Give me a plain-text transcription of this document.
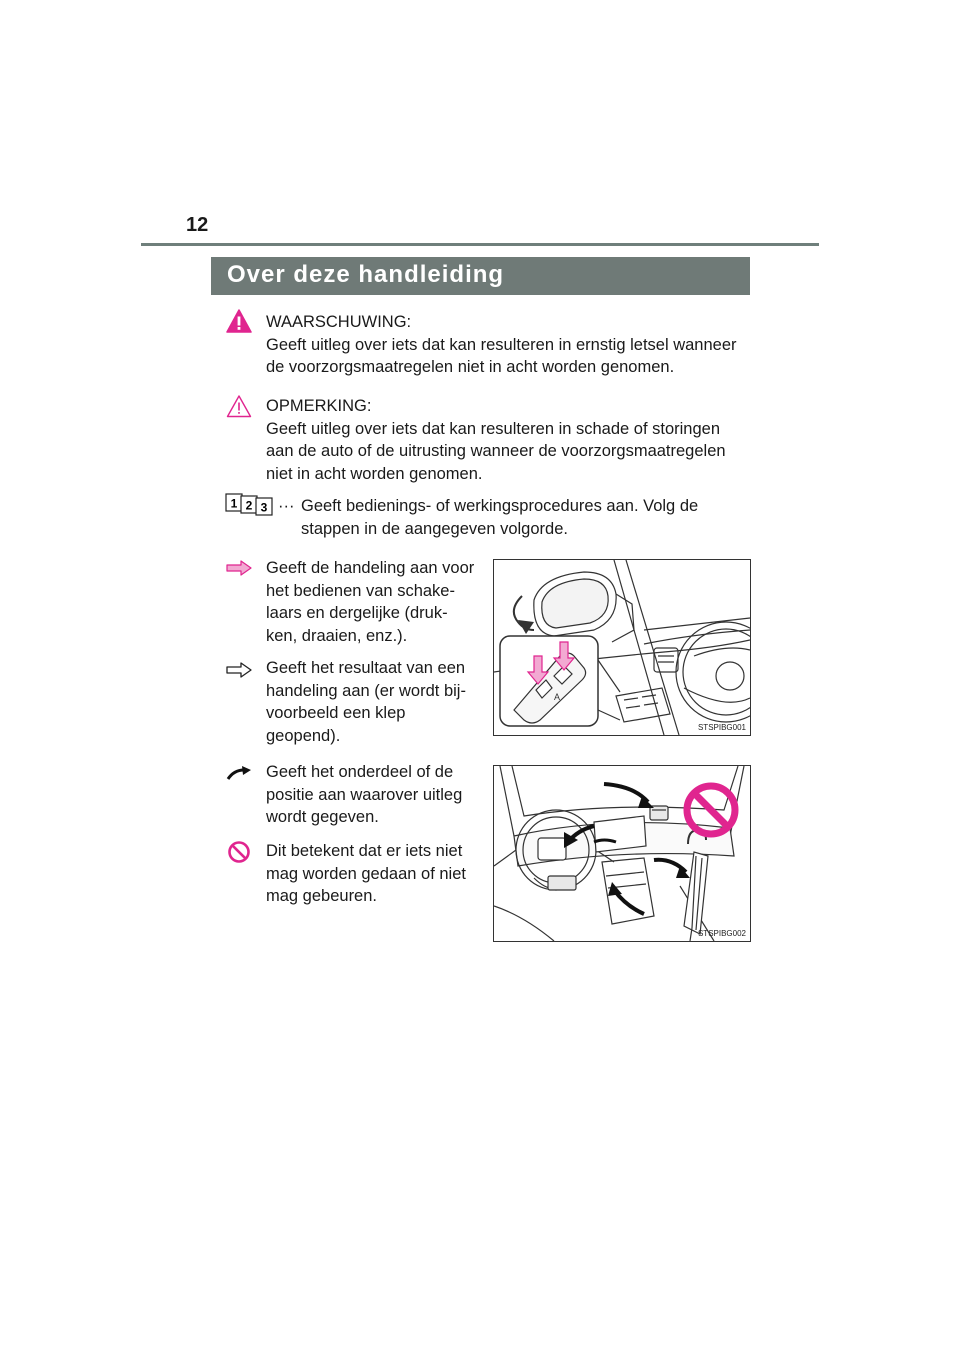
12
Over deze handleiding
WAARSCHUWING:
Geeft uitleg over iets dat kan resulteren in ernstig letsel wanneer
de voorzorgsmaatregelen niet in acht worden genomen.
OPMERKING:
Geeft uitleg over iets dat kan resulteren in schade of storingen
aan de auto of de uitrusting wanneer de voorzorgsmaatregelen
niet in acht worden genomen.
1 2 3 ··· Geeft bedienings- of werkingsprocedures aan. Volg de
stappen in de aangegeven volgorde.
Geeft de handeling aan voor
het bedienen van schake-
laars en dergelijke (druk-
ken, draaien, enz.).
Geeft het resultaat van een
handeling aan (er wordt bij-
voorbeeld een klep
geopend).
Geeft het onderdeel of de
positie aan waarover uitleg
wordt gegeven.
Dit betekent dat er iets niet
mag worden gedaan of niet
mag gebeuren.
A
STSPIBG001
STSPIBG002
